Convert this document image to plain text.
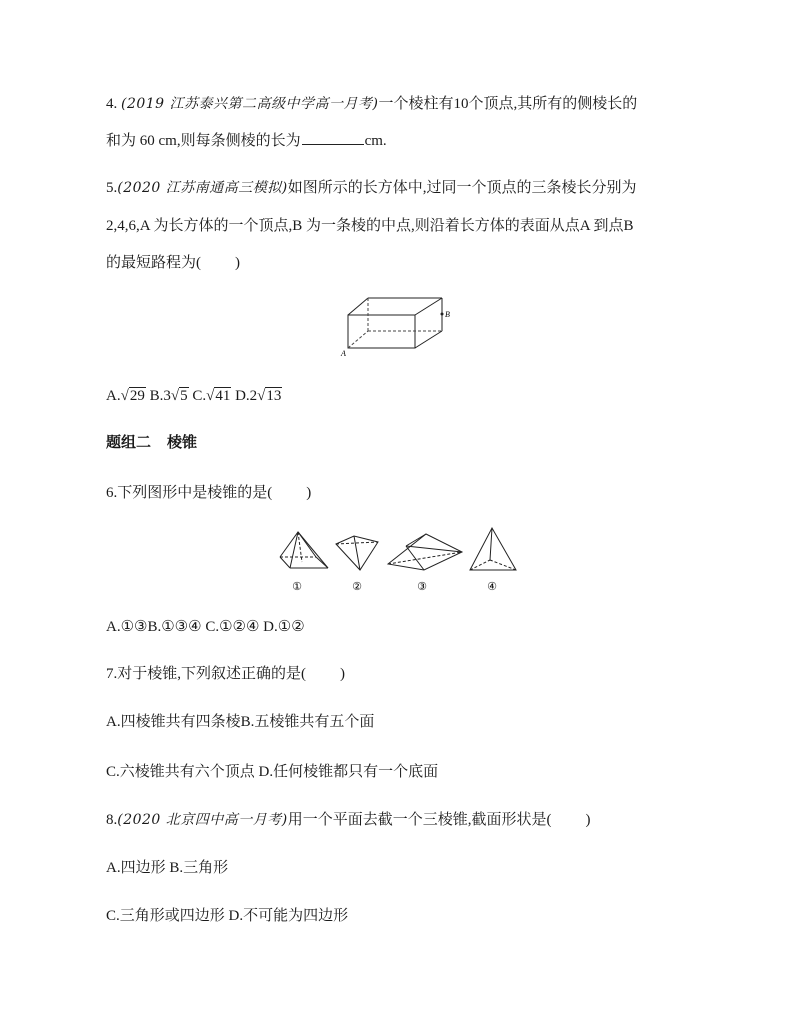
4. (2019 江苏泰兴第二高级中学高一月考)一个棱柱有10个顶点,其所有的侧棱长的
和为 60 cm,则每条侧棱的长为	cm.
5.(2020 江苏南通高三模拟)如图所示的长方体中,过同一个顶点的三条棱长分别为
2,4,6,A 为长方体的一个顶点,B 为一条棱的中点,则沿着长方体的表面从点A 到点B
的最短路程为( )
B
A
A.√29 B.3√5 C.√41 D.2√13
题组二 棱锥
6.下列图形中是棱锥的是( )
①	②	③	④
A.①③B.①③④ C.①②④ D.①②
7.对于棱锥,下列叙述正确的是( )
A.四棱锥共有四条棱B.五棱锥共有五个面
C.六棱锥共有六个顶点 D.任何棱锥都只有一个底面
8.(2020 北京四中高一月考)用一个平面去截一个三棱锥,截面形状是( )
A.四边形 B.三角形
C.三角形或四边形 D.不可能为四边形
